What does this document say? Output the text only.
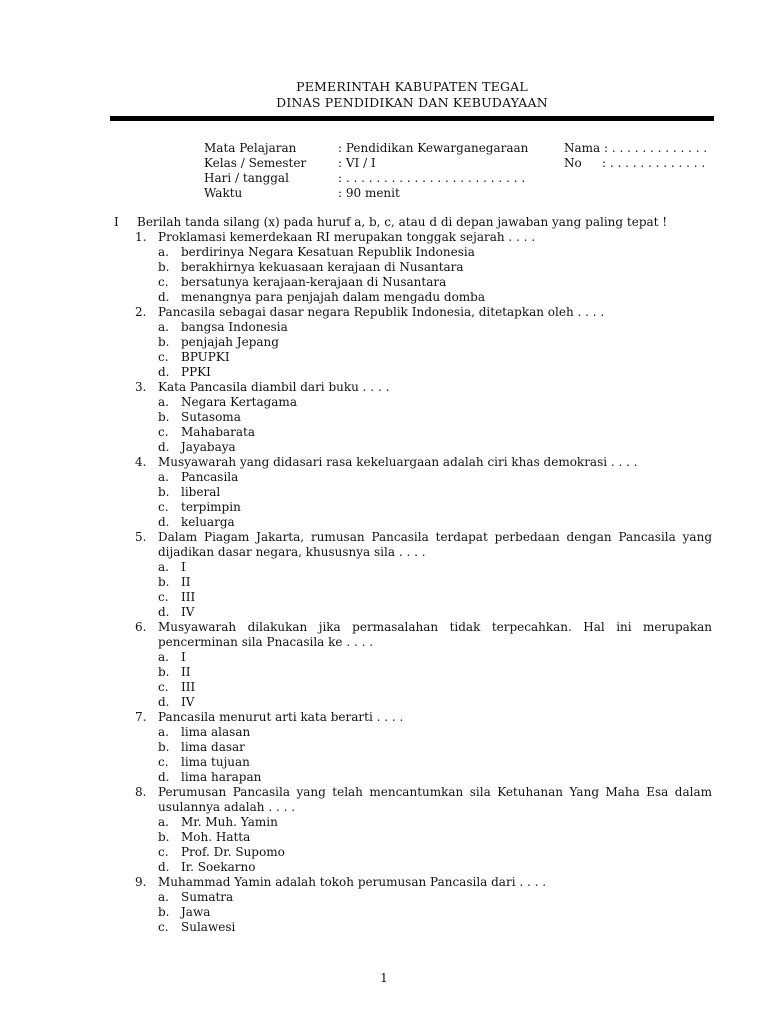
PEMERINTAH KABUPATEN TEGAL
DINAS PENDIDIKAN DAN KEBUDAYAAN
Mata Pelajaran	: Pendidikan Kewarganegaraan	Nama : . . . . . . . . . . . . .
Kelas / Semester	: VI / I	No : . . . . . . . . . . . . .
Hari / tanggal	: . . . . . . . . . . . . . . . . . . . . . . . .
Waktu	: 90 menit
I Berilah tanda silang (x) pada huruf a, b, c, atau d di depan jawaban yang paling tepat !
1. Proklamasi kemerdekaan RI merupakan tonggak sejarah . . . .
a. berdirinya Negara Kesatuan Republik Indonesia
b. berakhirnya kekuasaan kerajaan di Nusantara
c. bersatunya kerajaan-kerajaan di Nusantara
d. menangnya para penjajah dalam mengadu domba
2. Pancasila sebagai dasar negara Republik Indonesia, ditetapkan oleh . . . .
a. bangsa Indonesia
b. penjajah Jepang
c. BPUPKI
d. PPKI
3. Kata Pancasila diambil dari buku . . . .
a. Negara Kertagama
b. Sutasoma
c. Mahabarata
d. Jayabaya
4. Musyawarah yang didasari rasa kekeluargaan adalah ciri khas demokrasi . . . .
a. Pancasila
b. liberal
c. terpimpin
d. keluarga
5. Dalam Piagam Jakarta, rumusan Pancasila terdapat perbedaan dengan Pancasila yang
dijadikan dasar negara, khususnya sila . . . .
a. I
b. II
c. III
d. IV
6. Musyawarah dilakukan jika permasalahan tidak terpecahkan. Hal ini merupakan
pencerminan sila Pnacasila ke . . . .
a. I
b. II
c. III
d. IV
7. Pancasila menurut arti kata berarti . . . .
a. lima alasan
b. lima dasar
c. lima tujuan
d. lima harapan
8. Perumusan Pancasila yang telah mencantumkan sila Ketuhanan Yang Maha Esa dalam
usulannya adalah . . . .
a. Mr. Muh. Yamin
b. Moh. Hatta
c. Prof. Dr. Supomo
d. Ir. Soekarno
9. Muhammad Yamin adalah tokoh perumusan Pancasila dari . . . .
a. Sumatra
b. Jawa
c. Sulawesi
1
